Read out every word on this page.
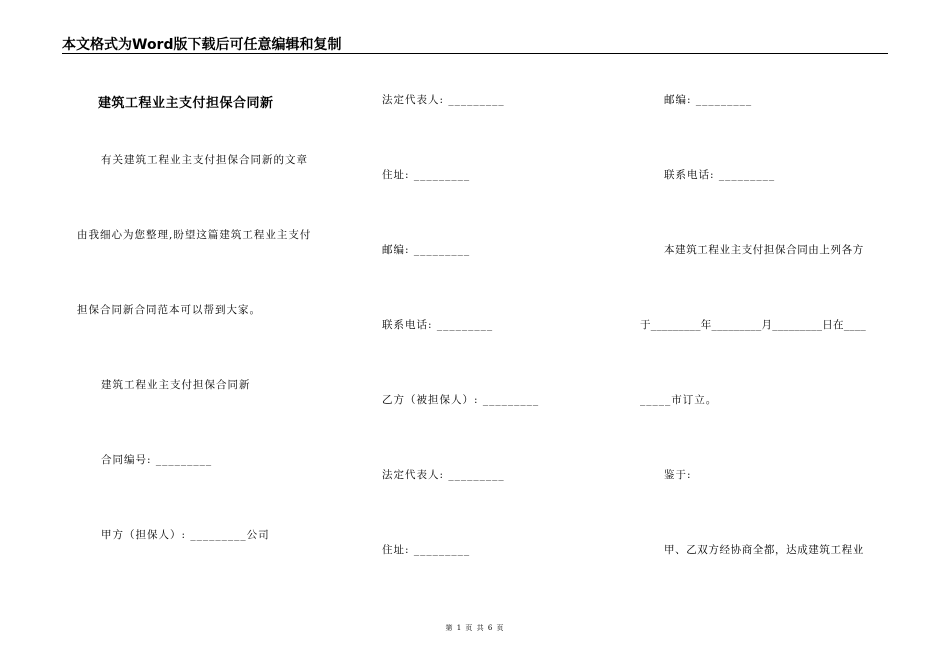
本文格式为Word版下载后可任意编辑和复制
建筑工程业主支付担保合同新
有关建筑工程业主支付担保合同新的文章
由我细心为您整理,盼望这篇建筑工程业主支付
担保合同新合同范本可以帮到大家。
建筑工程业主支付担保合同新
合同编号: _________
甲方（担保人）: _________公司
法定代表人: _________
住址: _________
邮编: _________
联系电话: _________
乙方（被担保人）: _________
法定代表人: _________
住址: _________
邮编: _________
联系电话: _________
本建筑工程业主支付担保合同由上列各方
于_________年_________月_________日在____
_____市订立。
鉴于:
甲、乙双方经协商全都，达成建筑工程业
第 1 页 共 6 页
